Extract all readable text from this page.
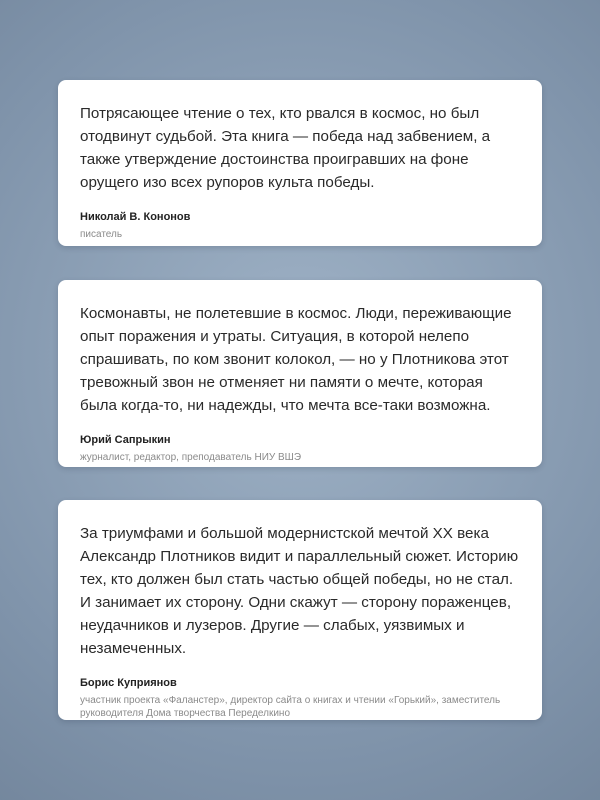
Потрясающее чтение о тех, кто рвался в космос, но был отодвинут судьбой. Эта книга — победа над забвением, а также утверждение достоинства проигравших на фоне орущего изо всех рупоров культа победы.

Николай В. Кононов
писатель

Космонавты, не полетевшие в космос. Люди, переживающие опыт поражения и утраты. Ситуация, в которой нелепо спрашивать, по ком звонит колокол, — но у Плотникова этот тревожный звон не отменяет ни памяти о мечте, которая была когда-то, ни надежды, что мечта все-таки возможна.

Юрий Сапрыкин
журналист, редактор, преподаватель НИУ ВШЭ

За триумфами и большой модернистской мечтой XX века Александр Плотников видит и параллельный сюжет. Историю тех, кто должен был стать частью общей победы, но не стал. И занимает их сторону. Одни скажут — сторону пораженцев, неудачников и лузеров. Другие — слабых, уязвимых и незамеченных.

Борис Куприянов
участник проекта «Фаланстер», директор сайта о книгах и чтении «Горький», заместитель руководителя Дома творчества Переделкино
